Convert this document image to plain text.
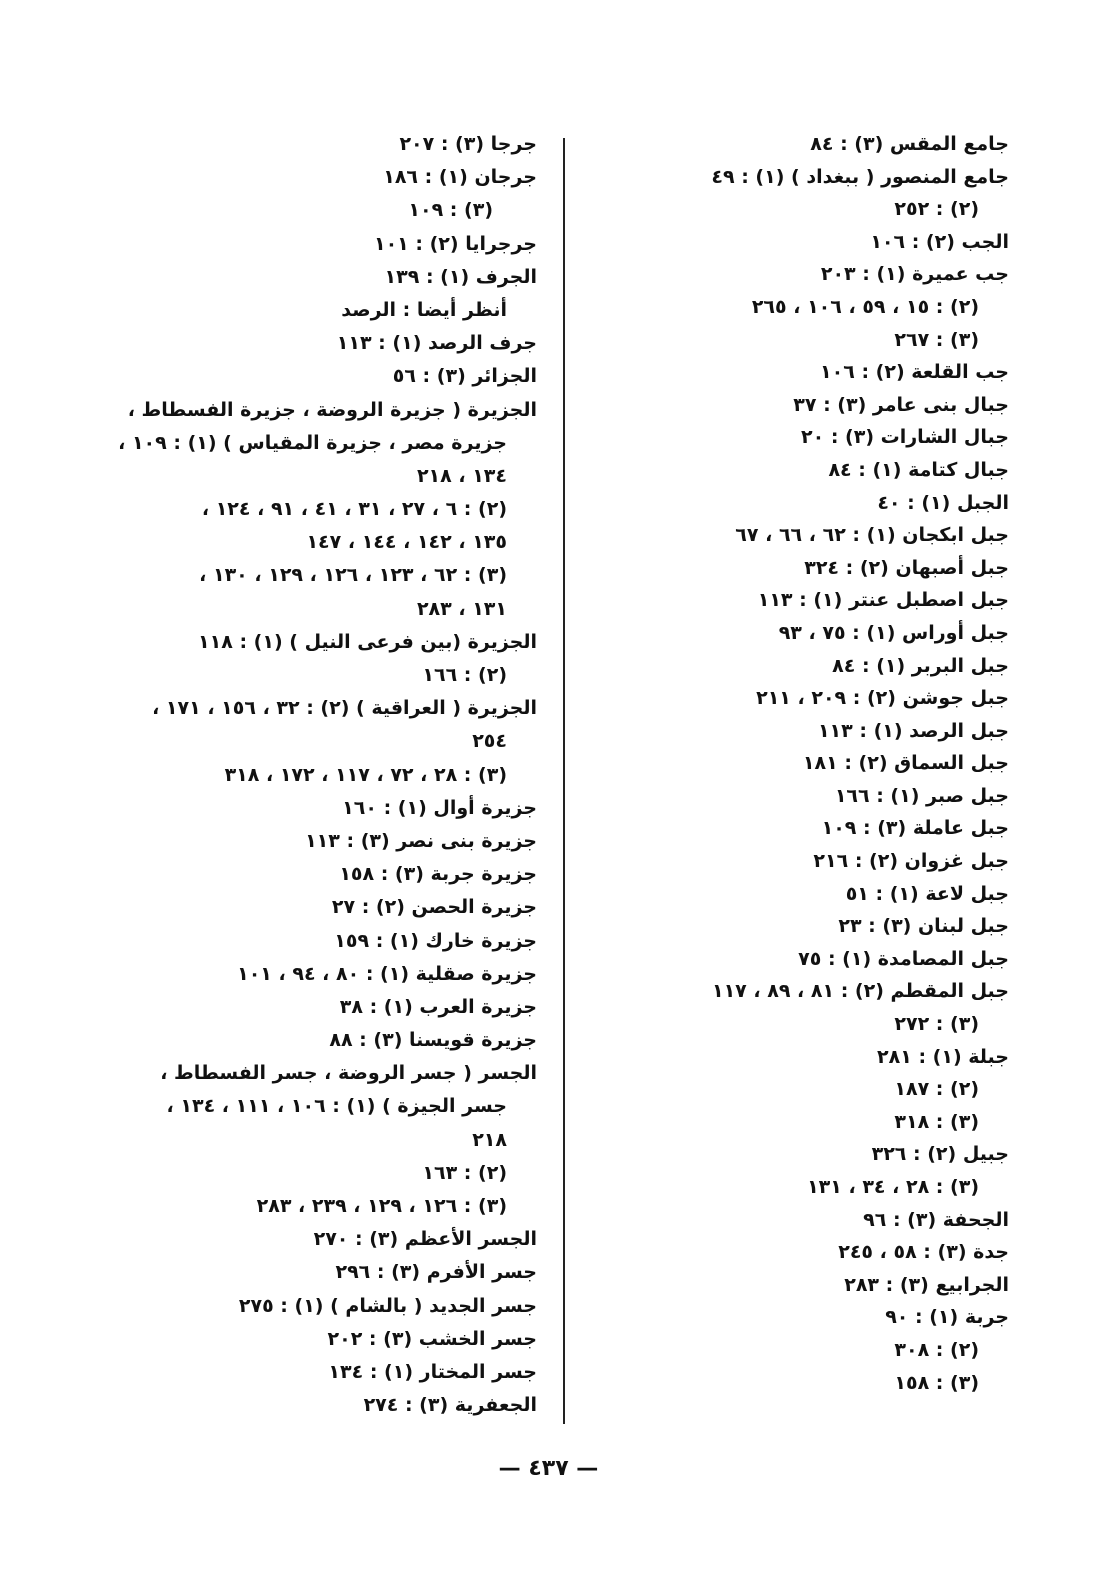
جامع المقس (٣) : ٨٤
جامع المنصور ( ببغداد ) (١) : ٤٩
(٢) : ٢٥٢
الجب (٢) : ١٠٦
جب عميرة (١) : ٢٠٣
(٢) : ١٥ ، ٥٩ ، ١٠٦ ، ٢٦٥
(٣) : ٢٦٧
جب القلعة (٢) : ١٠٦
جبال بنى عامر (٣) : ٣٧
جبال الشارات (٣) : ٢٠
جبال كتامة (١) : ٨٤
الجبل (١) : ٤٠
جبل ابكجان (١) : ٦٢ ، ٦٦ ، ٦٧
جبل أصبهان (٢) : ٣٢٤
جبل اصطبل عنتر (١) : ١١٣
جبل أوراس (١) : ٧٥ ، ٩٣
جبل البربر (١) : ٨٤
جبل جوشن (٢) : ٢٠٩ ، ٢١١
جبل الرصد (١) : ١١٣
جبل السماق (٢) : ١٨١
جبل صبر (١) : ١٦٦
جبل عاملة (٣) : ١٠٩
جبل غزوان (٢) : ٢١٦
جبل لاعة (١) : ٥١
جبل لبنان (٣) : ٢٣
جبل المصامدة (١) : ٧٥
جبل المقطم (٢) : ٨١ ، ٨٩ ، ١١٧
(٣) : ٢٧٢
جبلة (١) : ٢٨١
(٢) : ١٨٧
(٣) : ٣١٨
جبيل (٢) : ٣٢٦
(٣) : ٢٨ ، ٣٤ ، ١٣١
الجحفة (٣) : ٩٦
جدة (٣) : ٥٨ ، ٢٤٥
الجرابيع (٣) : ٢٨٣
جربة (١) : ٩٠
(٢) : ٣٠٨
(٣) : ١٥٨
جرجا (٣) : ٢٠٧
جرجان (١) : ١٨٦
(٣) : ١٠٩
جرجرايا (٢) : ١٠١
الجرف (١) : ١٣٩
أنظر أيضا : الرصد
جرف الرصد (١) : ١١٣
الجزائر (٣) : ٥٦
الجزيرة ( جزيرة الروضة ، جزيرة الفسطاط ،
جزيرة مصر ، جزيرة المقياس ) (١) : ١٠٩ ،
١٣٤ ، ٢١٨
(٢) : ٦ ، ٢٧ ، ٣١ ، ٤١ ، ٩١ ، ١٢٤ ،
١٣٥ ، ١٤٢ ، ١٤٤ ، ١٤٧
(٣) : ٦٢ ، ١٢٣ ، ١٢٦ ، ١٢٩ ، ١٣٠ ،
١٣١ ، ٢٨٣
الجزيرة (بين فرعى النيل ) (١) : ١١٨
(٢) : ١٦٦
الجزيرة ( العراقية ) (٢) : ٣٢ ، ١٥٦ ، ١٧١ ،
٢٥٤
(٣) : ٢٨ ، ٧٢ ، ١١٧ ، ١٧٢ ، ٣١٨
جزيرة أوال (١) : ١٦٠
جزيرة بنى نصر (٣) : ١١٣
جزيرة جربة (٣) : ١٥٨
جزيرة الحصن (٢) : ٢٧
جزيرة خارك (١) : ١٥٩
جزيرة صقلية (١) : ٨٠ ، ٩٤ ، ١٠١
جزيرة العرب (١) : ٣٨
جزيرة قويسنا (٣) : ٨٨
الجسر ( جسر الروضة ، جسر الفسطاط ،
جسر الجيزة ) (١) : ١٠٦ ، ١١١ ، ١٣٤ ،
٢١٨
(٢) : ١٦٣
(٣) : ١٢٦ ، ١٢٩ ، ٢٣٩ ، ٢٨٣
الجسر الأعظم (٣) : ٢٧٠
جسر الأفرم (٣) : ٢٩٦
جسر الجديد ( بالشام ) (١) : ٢٧٥
جسر الخشب (٣) : ٢٠٢
جسر المختار (١) : ١٣٤
الجعفرية (٣) : ٢٧٤
— ٤٣٧ —
